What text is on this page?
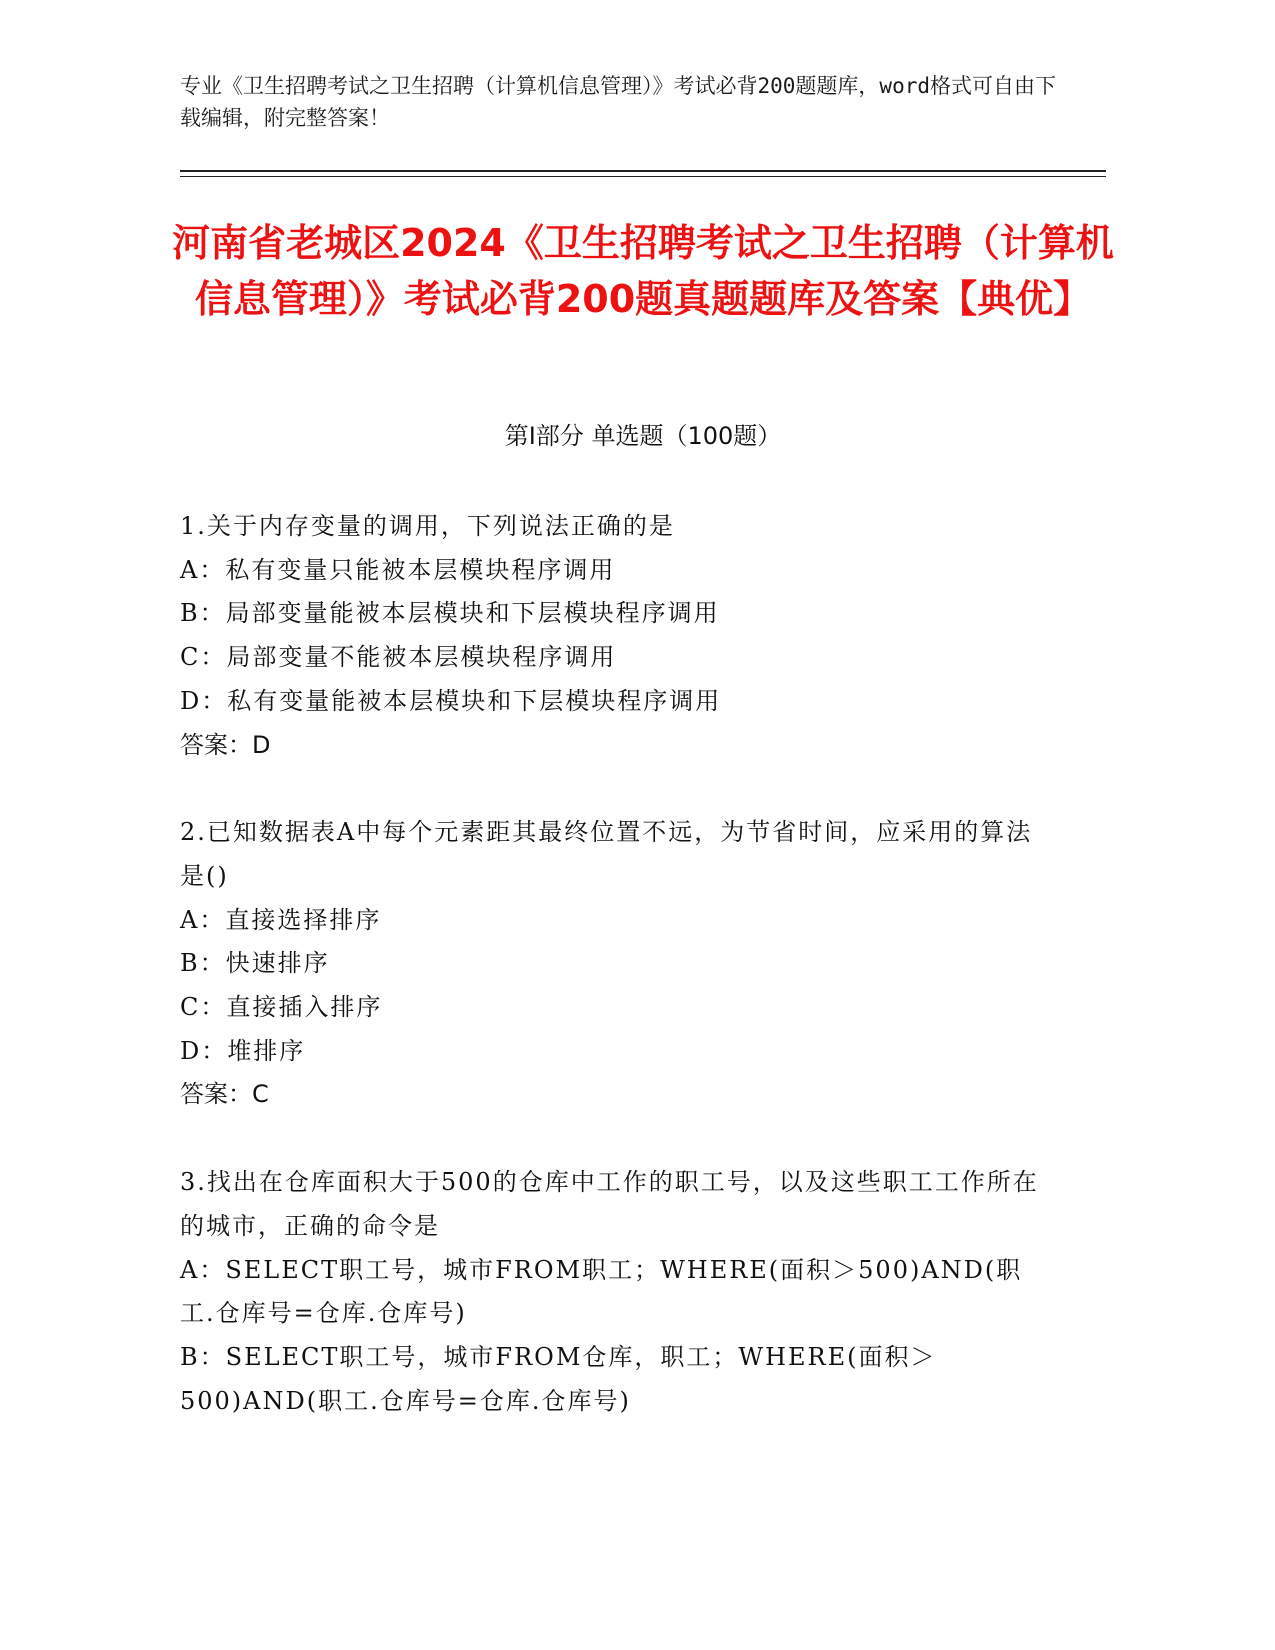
专业《卫生招聘考试之卫生招聘（计算机信息管理）》考试必背200题题库，word格式可自由下载编辑，附完整答案！
河南省老城区2024《卫生招聘考试之卫生招聘（计算机信息管理）》考试必背200题真题题库及答案【典优】
第Ⅰ部分 单选题（100题）
1.关于内存变量的调用，下列说法正确的是
A：私有变量只能被本层模块程序调用
B：局部变量能被本层模块和下层模块程序调用
C：局部变量不能被本层模块程序调用
D：私有变量能被本层模块和下层模块程序调用
答案：D
2.已知数据表A中每个元素距其最终位置不远，为节省时间，应采用的算法是()
A：直接选择排序
B：快速排序
C：直接插入排序
D：堆排序
答案：C
3.找出在仓库面积大于500的仓库中工作的职工号，以及这些职工工作所在的城市，正确的命令是
A：SELECT职工号，城市FROM职工；WHERE(面积＞500)AND(职工.仓库号=仓库.仓库号)
B：SELECT职工号，城市FROM仓库，职工；WHERE(面积＞500)AND(职工.仓库号=仓库.仓库号)
